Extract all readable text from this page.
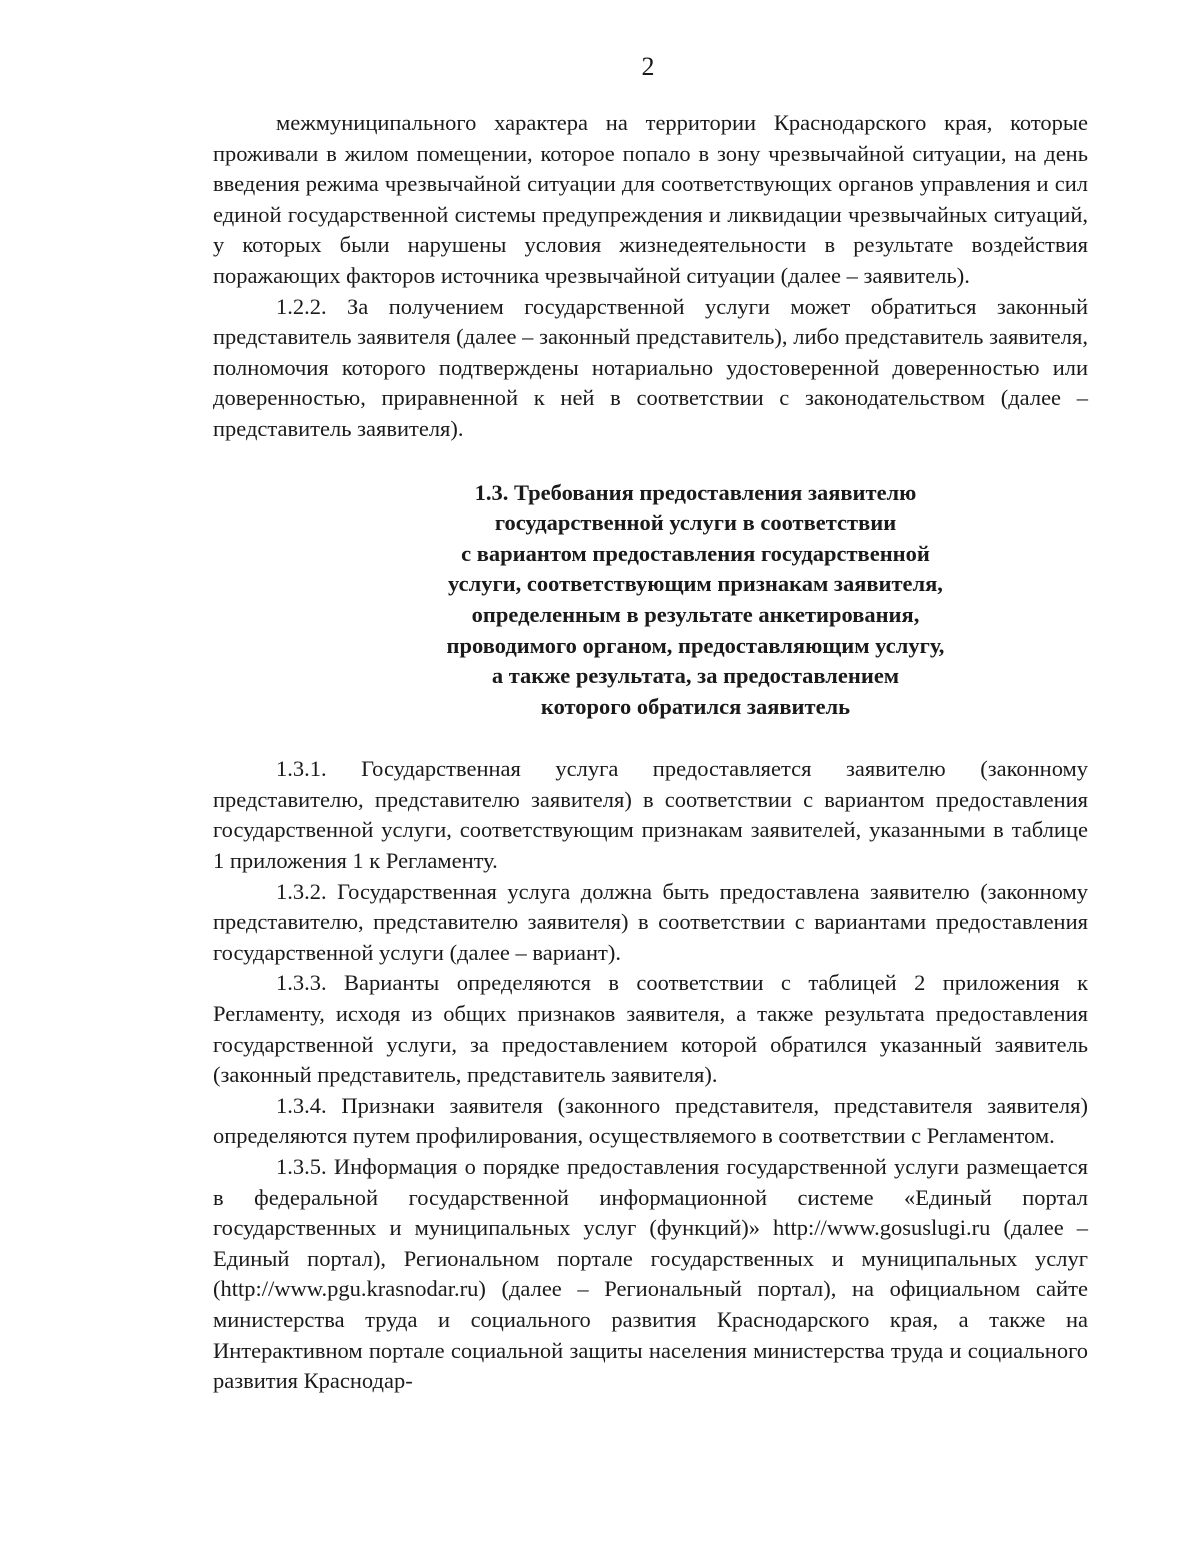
2

межмуниципального характера на территории Краснодарского края, которые проживали в жилом помещении, которое попало в зону чрезвычайной ситуации, на день введения режима чрезвычайной ситуации для соответствующих органов управления и сил единой государственной системы предупреждения и ликвидации чрезвычайных ситуаций, у которых были нарушены условия жизнедеятельности в результате воздействия поражающих факторов источника чрезвычайной ситуации (далее – заявитель).

1.2.2. За получением государственной услуги может обратиться законный представитель заявителя (далее – законный представитель), либо представитель заявителя, полномочия которого подтверждены нотариально удостоверенной доверенностью или доверенностью, приравненной к ней в соответствии с законодательством (далее – представитель заявителя).

1.3. Требования предоставления заявителю
государственной услуги в соответствии
с вариантом предоставления государственной
услуги, соответствующим признакам заявителя,
определенным в результате анкетирования,
проводимого органом, предоставляющим услугу,
а также результата, за предоставлением
которого обратился заявитель

1.3.1. Государственная услуга предоставляется заявителю (законному представителю, представителю заявителя) в соответствии с вариантом предоставления государственной услуги, соответствующим признакам заявителей, указанными в таблице 1 приложения 1 к Регламенту.

1.3.2. Государственная услуга должна быть предоставлена заявителю (законному представителю, представителю заявителя) в соответствии с вариантами предоставления государственной услуги (далее – вариант).

1.3.3. Варианты определяются в соответствии с таблицей 2 приложения к Регламенту, исходя из общих признаков заявителя, а также результата предоставления государственной услуги, за предоставлением которой обратился указанный заявитель (законный представитель, представитель заявителя).

1.3.4. Признаки заявителя (законного представителя, представителя заявителя) определяются путем профилирования, осуществляемого в соответствии с Регламентом.

1.3.5. Информация о порядке предоставления государственной услуги размещается в федеральной государственной информационной системе «Единый портал государственных и муниципальных услуг (функций)» http://www.gosuslugi.ru (далее – Единый портал), Региональном портале государственных и муниципальных услуг (http://www.pgu.krasnodar.ru) (далее – Региональный портал), на официальном сайте министерства труда и социального развития Краснодарского края, а также на Интерактивном портале социальной защиты населения министерства труда и социального развития Краснодар-
